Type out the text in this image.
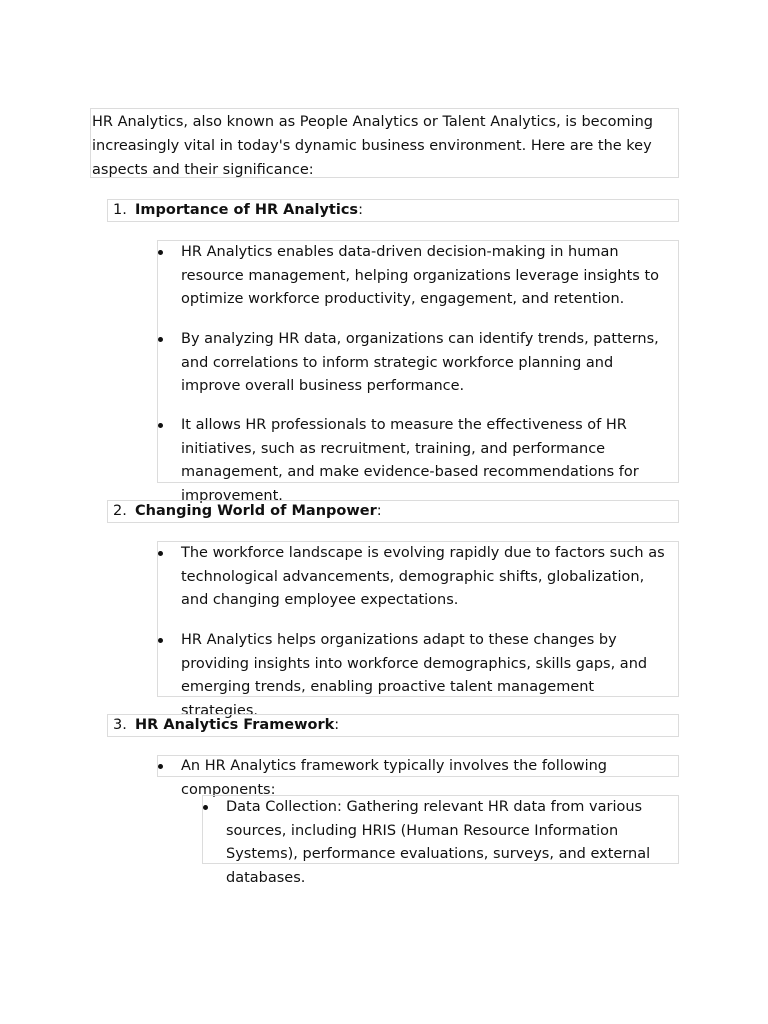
HR Analytics, also known as People Analytics or Talent Analytics, is becoming increasingly vital in today's dynamic business environment. Here are the key aspects and their significance:
1. Importance of HR Analytics:
HR Analytics enables data-driven decision-making in human resource management, helping organizations leverage insights to optimize workforce productivity, engagement, and retention.
By analyzing HR data, organizations can identify trends, patterns, and correlations to inform strategic workforce planning and improve overall business performance.
It allows HR professionals to measure the effectiveness of HR initiatives, such as recruitment, training, and performance management, and make evidence-based recommendations for improvement.
2. Changing World of Manpower:
The workforce landscape is evolving rapidly due to factors such as technological advancements, demographic shifts, globalization, and changing employee expectations.
HR Analytics helps organizations adapt to these changes by providing insights into workforce demographics, skills gaps, and emerging trends, enabling proactive talent management strategies.
3. HR Analytics Framework:
An HR Analytics framework typically involves the following components:
Data Collection: Gathering relevant HR data from various sources, including HRIS (Human Resource Information Systems), performance evaluations, surveys, and external databases.
